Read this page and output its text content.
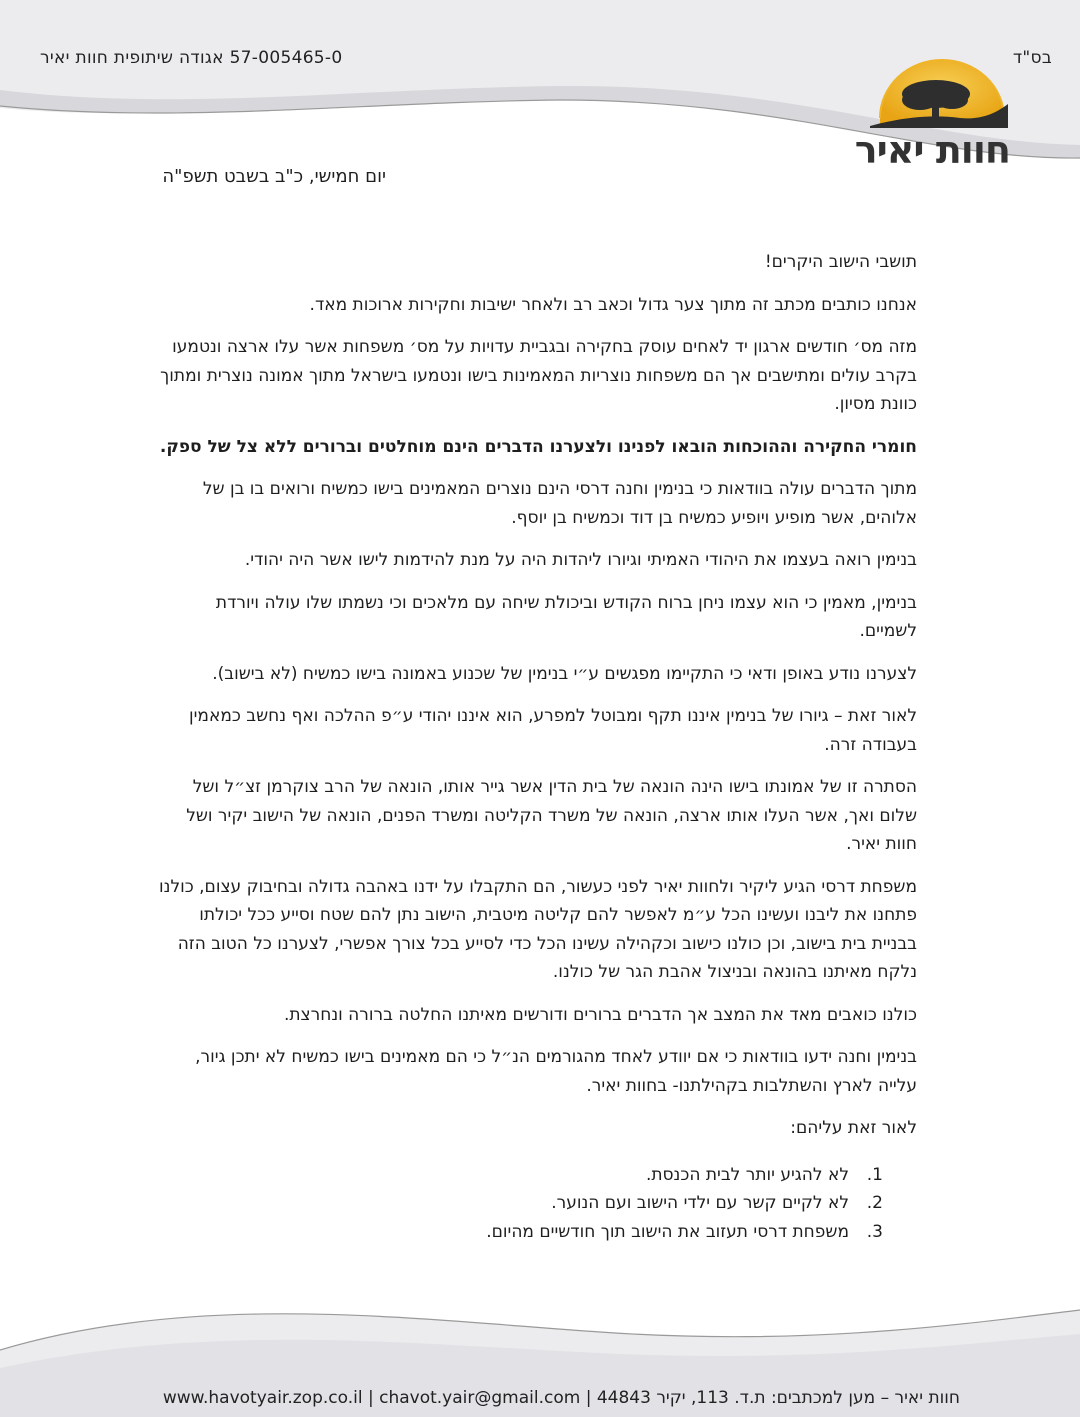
בס"ד
57-005465-0 אגודה שיתופית חוות יאיר
חוות יאיר
יום חמישי, כ"ב בשבט תשפ"ה

תושבי הישוב היקרים!

אנחנו כותבים מכתב זה מתוך צער גדול וכאב רב ולאחר ישיבות וחקירות ארוכות מאד.

מזה מס׳ חודשים ארגון יד לאחים עוסק בחקירה ובגביית עדויות על מס׳ משפחות אשר עלו ארצה ונטמעו בקרב עולים ומתישבים אך הם משפחות נוצריות המאמינות בישו ונטמעו בישראל מתוך אמונה נוצרית ומתוך כוונת מסיון.

חומרי החקירה וההוכחות הובאו לפנינו ולצערנו הדברים הינם מוחלטים וברורים ללא צל של ספק.

מתוך הדברים עולה בוודאות כי בנימין וחנה דרסי הינם נוצרים המאמינים בישו כמשיח ורואים בו בן של אלוהים, אשר מופיע ויופיע כמשיח בן דוד וכמשיח בן יוסף.

בנימין רואה בעצמו את היהודי האמיתי וגיורו ליהדות היה על מנת להידמות לישו אשר היה יהודי.

בנימין, מאמין כי הוא עצמו ניחן ברוח הקודש וביכולת שיחה עם מלאכים וכי נשמתו שלו עולה ויורדת לשמיים.

לצערנו נודע באופן ודאי כי התקיימו מפגשים ע״י בנימין של שכנוע באמונה בישו כמשיח (לא בישוב).

לאור זאת – גיורו של בנימין איננו תקף ומבוטל למפרע, הוא איננו יהודי ע״פ ההלכה ואף נחשב כמאמין בעבודה זרה.

הסתרה זו של אמונתו בישו הינה הונאה של בית הדין אשר גייר אותו, הונאה של הרב צוקרמן זצ״ל ושל שלום ואך, אשר העלו אותו ארצה, הונאה של משרד הקליטה ומשרד הפנים, הונאה של הישוב יקיר ושל חוות יאיר.

משפחת דרסי הגיע ליקיר ולחוות יאיר לפני כעשור, הם התקבלו על ידנו באהבה גדולה ובחיבוק עצום, כולנו פתחנו את ליבנו ועשינו הכל ע״מ לאפשר להם קליטה מיטבית, הישוב נתן להם שטח וסייע ככל יכולתו בבניית בית בישוב, וכן כולנו כישוב וכקהילה עשינו הכל כדי לסייע בכל צורך אפשרי, לצערנו כל הטוב הזה נלקח מאיתנו בהונאה ובניצול אהבת הגר של כולנו.

כולנו כואבים מאד את המצב אך הדברים ברורים ודורשים מאיתנו החלטה ברורה ונחרצת.

בנימין וחנה ידעו בוודאות כי אם יוודע לאחד מהגורמים הנ״ל כי הם מאמינים בישו כמשיח לא יתכן גיור, עלייה לארץ והשתלבות בקהילתנו- בחוות יאיר.

לאור זאת עליהם:

1.
לא להגיע יותר לבית הכנסת.
2.
לא לקיים קשר עם ילדי הישוב ועם הנוער.
3.
משפחת דרסי תעזוב את הישוב תוך חודשיים מהיום.
חוות יאיר – מען למכתבים: ת.ד. 113, יקיר 44843 | www.havotyair.zop.co.il | chavot.yair@gmail.com
